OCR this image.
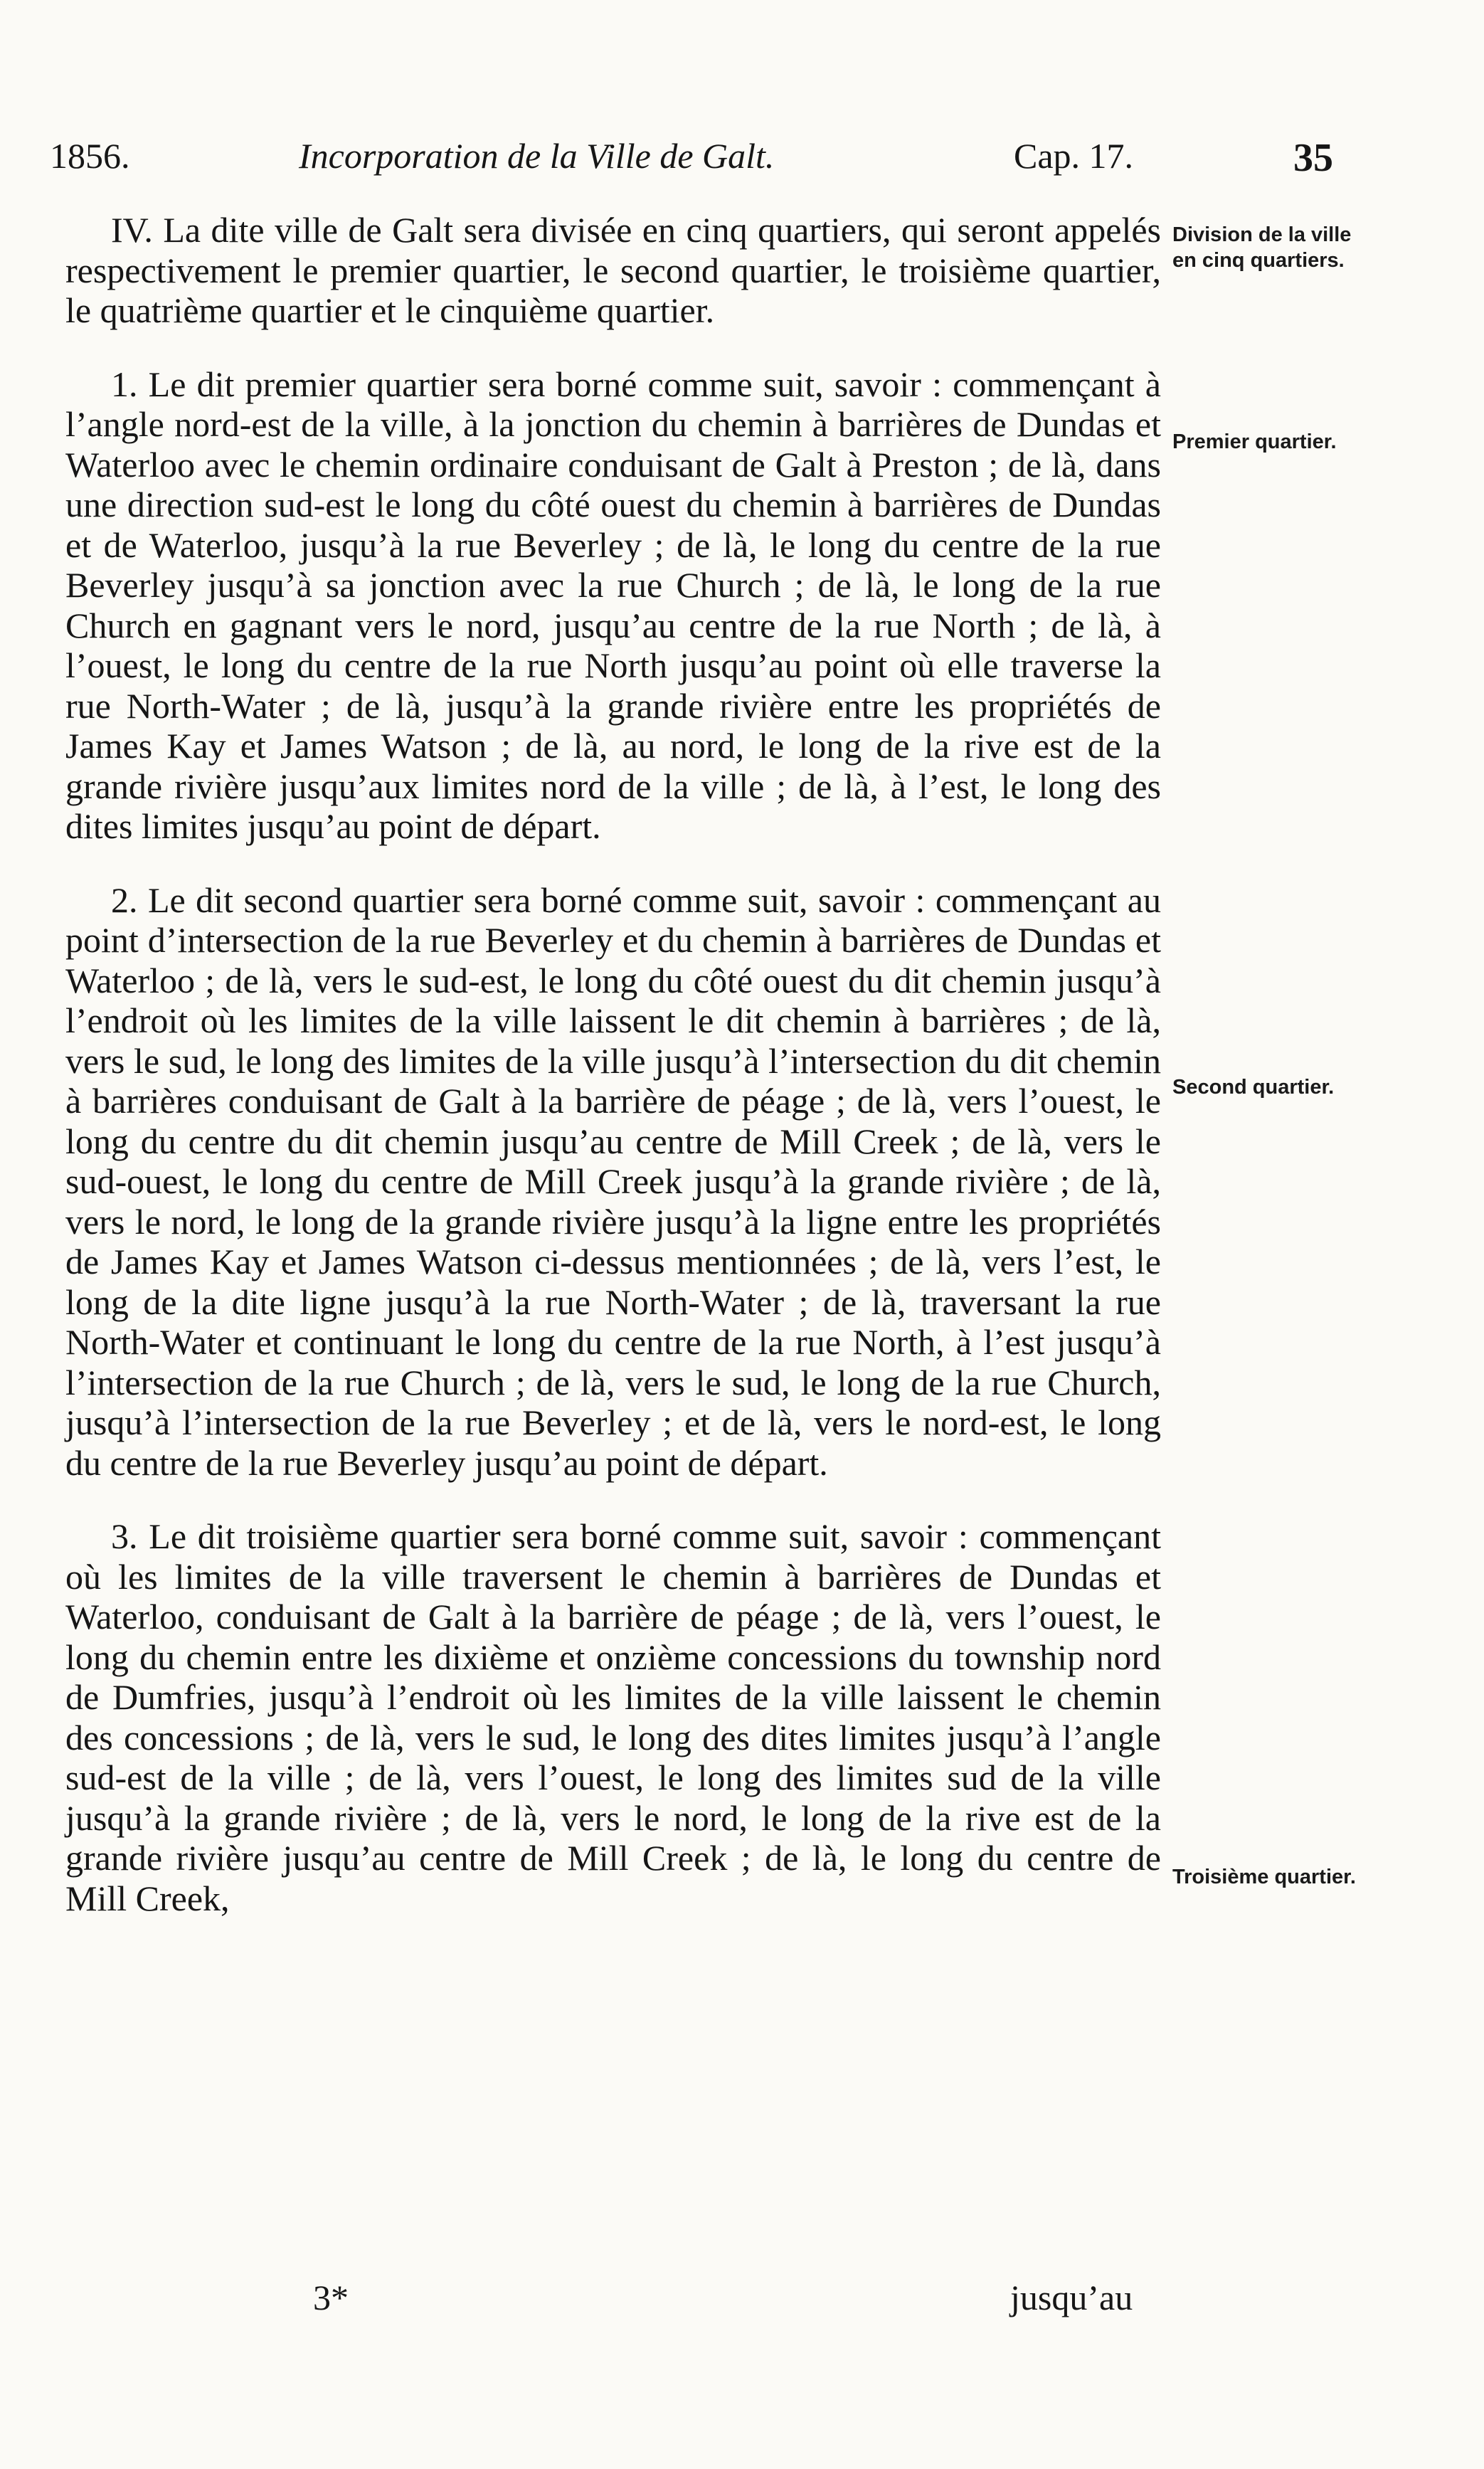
1856.	Incorporation de la Ville de Galt.	Cap. 17.	35

IV. La dite ville de Galt sera divisée en cinq quartiers, qui seront appelés respectivement le premier quartier, le second quartier, le troisième quartier, le quatrième quartier et le cinquième quartier.

1. Le dit premier quartier sera borné comme suit, savoir : commençant à l’angle nord-est de la ville, à la jonction du chemin à barrières de Dundas et Waterloo avec le chemin ordinaire conduisant de Galt à Preston ; de là, dans une direction sud-est le long du côté ouest du chemin à barrières de Dundas et de Waterloo, jusqu’à la rue Beverley ; de là, le long du centre de la rue Beverley jusqu’à sa jonction avec la rue Church ; de là, le long de la rue Church en gagnant vers le nord, jusqu’au centre de la rue North ; de là, à l’ouest, le long du centre de la rue North jusqu’au point où elle traverse la rue North-Water ; de là, jusqu’à la grande rivière entre les propriétés de James Kay et James Watson ; de là, au nord, le long de la rive est de la grande rivière jusqu’aux limites nord de la ville ; de là, à l’est, le long des dites limites jusqu’au point de départ.

2. Le dit second quartier sera borné comme suit, savoir : commençant au point d’intersection de la rue Beverley et du chemin à barrières de Dundas et Waterloo ; de là, vers le sud-est, le long du côté ouest du dit chemin jusqu’à l’endroit où les limites de la ville laissent le dit chemin à barrières ; de là, vers le sud, le long des limites de la ville jusqu’à l’intersection du dit chemin à barrières conduisant de Galt à la barrière de péage ; de là, vers l’ouest, le long du centre du dit chemin jusqu’au centre de Mill Creek ; de là, vers le sud-ouest, le long du centre de Mill Creek jusqu’à la grande rivière ; de là, vers le nord, le long de la grande rivière jusqu’à la ligne entre les propriétés de James Kay et James Watson ci-dessus mentionnées ; de là, vers l’est, le long de la dite ligne jusqu’à la rue North-Water ; de là, traversant la rue North-Water et continuant le long du centre de la rue North, à l’est jusqu’à l’intersection de la rue Church ; de là, vers le sud, le long de la rue Church, jusqu’à l’intersection de la rue Beverley ; et de là, vers le nord-est, le long du centre de la rue Beverley jusqu’au point de départ.

3. Le dit troisième quartier sera borné comme suit, savoir : commençant où les limites de la ville traversent le chemin à barrières de Dundas et Waterloo, conduisant de Galt à la barrière de péage ; de là, vers l’ouest, le long du chemin entre les dixième et onzième concessions du township nord de Dumfries, jusqu’à l’endroit où les limites de la ville laissent le chemin des concessions ; de là, vers le sud, le long des dites limites jusqu’à l’angle sud-est de la ville ; de là, vers l’ouest, le long des limites sud de la ville jusqu’à la grande rivière ; de là, vers le nord, le long de la rive est de la grande rivière jusqu’au centre de Mill Creek ; de là, le long du centre de Mill Creek,

Division de la ville en cinq quartiers.
Premier quartier.
Second quartier.
Troisième quartier.
3*	jusqu’au
